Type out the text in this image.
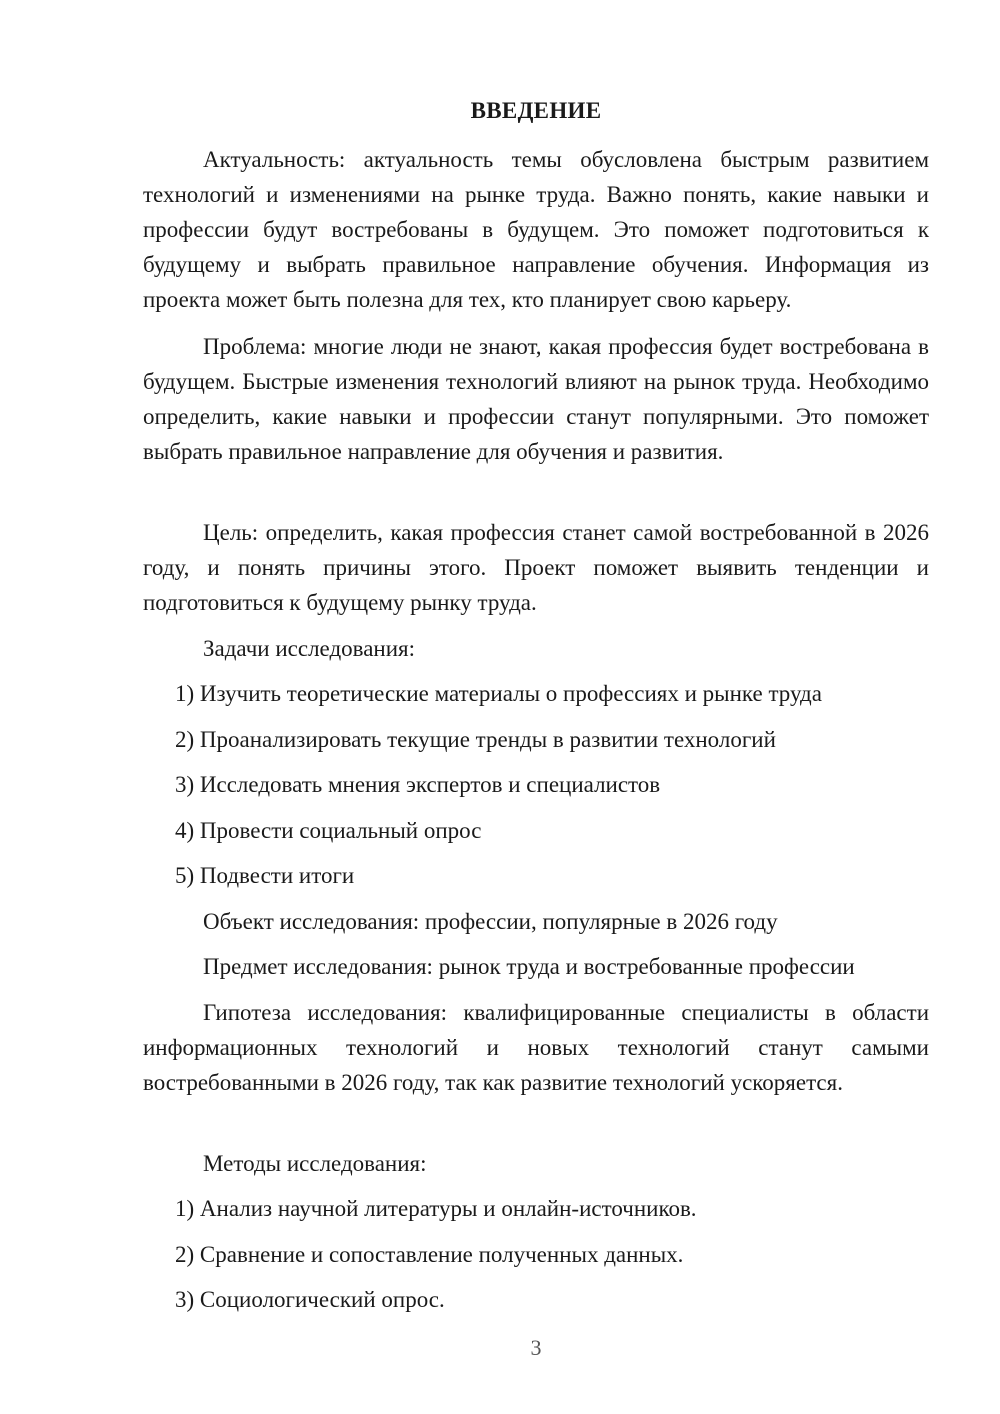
ВВЕДЕНИЕ

Актуальность: актуальность темы обусловлена быстрым развитием технологий и изменениями на рынке труда. Важно понять, какие навыки и профессии будут востребованы в будущем. Это поможет подготовиться к будущему и выбрать правильное направление обучения. Информация из проекта может быть полезна для тех, кто планирует свою карьеру.

Проблема: многие люди не знают, какая профессия будет востребована в будущем. Быстрые изменения технологий влияют на рынок труда. Необходимо определить, какие навыки и профессии станут популярными. Это поможет выбрать правильное направление для обучения и развития.

Цель: определить, какая профессия станет самой востребованной в 2026 году, и понять причины этого. Проект поможет выявить тенденции и подготовиться к будущему рынку труда.

Задачи исследования:

1) Изучить теоретические материалы о профессиях и рынке труда

2) Проанализировать текущие тренды в развитии технологий

3) Исследовать мнения экспертов и специалистов

4) Провести социальный опрос

5) Подвести итоги

Объект исследования: профессии, популярные в 2026 году

Предмет исследования: рынок труда и востребованные профессии

Гипотеза исследования: квалифицированные специалисты в области информационных технологий и новых технологий станут самыми востребованными в 2026 году, так как развитие технологий ускоряется.

Методы исследования:

1) Анализ научной литературы и онлайн-источников.

2) Сравнение и сопоставление полученных данных.

3) Социологический опрос.

3
